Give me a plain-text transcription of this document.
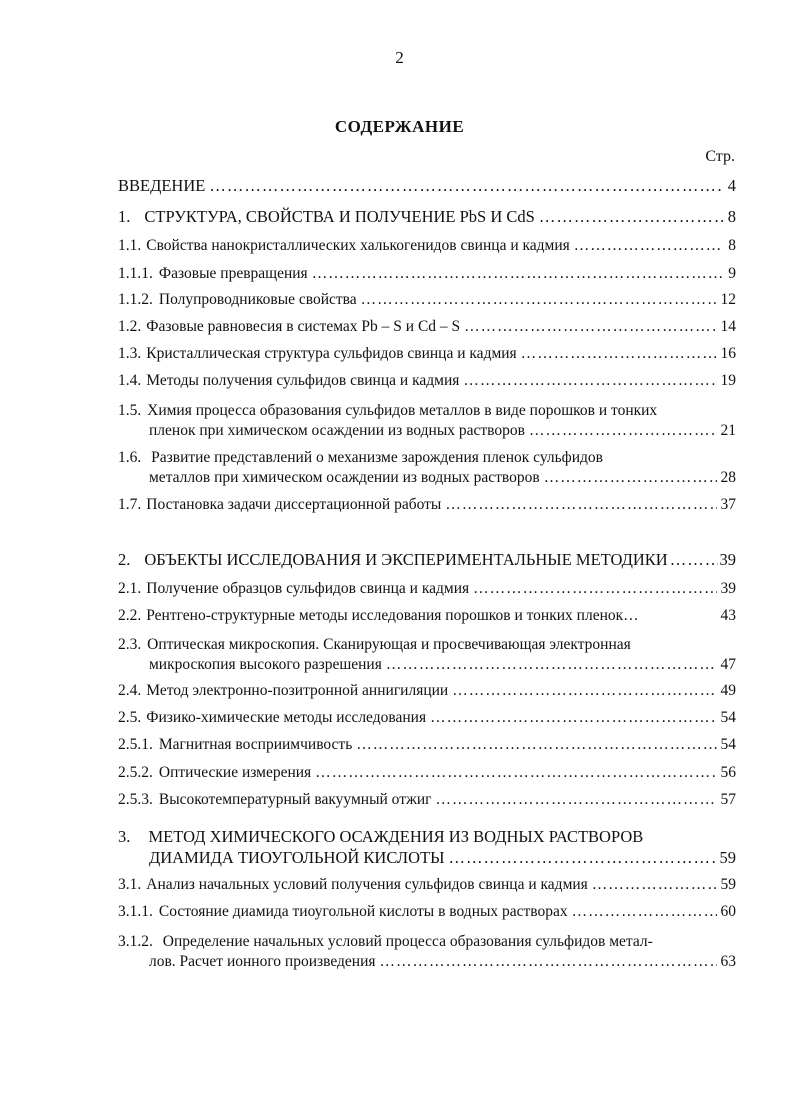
2
СОДЕРЖАНИЕ
Стр.
ВВЕДЕНИЕ ……………………………………………………………………………………………………………………………………………………………………………………	4
1. СТРУКТУРА, СВОЙСТВА И ПОЛУЧЕНИЕ PbS И CdS ……………………………………………………………………………………………………………………………………………………………………………………	8
1.1. Свойства нанокристаллических халькогенидов свинца и кадмия ……………………………………………………………………………………………………………………………………………………………………………………	8
1.1.1. Фазовые превращения ……………………………………………………………………………………………………………………………………………………………………………………	9
1.1.2. Полупроводниковые свойства ……………………………………………………………………………………………………………………………………………………………………………………	12
1.2. Фазовые равновесия в системах Pb – S и Cd – S ……………………………………………………………………………………………………………………………………………………………………………………	14
1.3. Кристаллическая структура сульфидов свинца и кадмия ……………………………………………………………………………………………………………………………………………………………………………………	16
1.4. Методы получения сульфидов свинца и кадмия ……………………………………………………………………………………………………………………………………………………………………………………	19
1.5. Химия процесса образования сульфидов металлов в виде порошков и тонких
пленок при химическом осаждении из водных растворов ……………………………………………………………………………………………………………………………………………………………………………………	21
1.6. Развитие представлений о механизме зарождения пленок сульфидов
металлов при химическом осаждении из водных растворов ……………………………………………………………………………………………………………………………………………………………………………………	28
1.7. Постановка задачи диссертационной работы ……………………………………………………………………………………………………………………………………………………………………………………	37
2. ОБЪЕКТЫ ИССЛЕДОВАНИЯ И ЭКСПЕРИМЕНТАЛЬНЫЕ МЕТОДИКИ ……………………………………………………………………………………………………………………………………………………………………………………	39
2.1. Получение образцов сульфидов свинца и кадмия ……………………………………………………………………………………………………………………………………………………………………………………	39
2.2. Рентгено-структурные методы исследования порошков и тонких пленок…	43
2.3. Оптическая микроскопия. Сканирующая и просвечивающая электронная
микроскопия высокого разрешения ……………………………………………………………………………………………………………………………………………………………………………………	47
2.4. Метод электронно-позитронной аннигиляции ……………………………………………………………………………………………………………………………………………………………………………………	49
2.5. Физико-химические методы исследования ……………………………………………………………………………………………………………………………………………………………………………………	54
2.5.1. Магнитная восприимчивость ……………………………………………………………………………………………………………………………………………………………………………………	54
2.5.2. Оптические измерения ……………………………………………………………………………………………………………………………………………………………………………………	56
2.5.3. Высокотемпературный вакуумный отжиг ……………………………………………………………………………………………………………………………………………………………………………………	57
3. МЕТОД ХИМИЧЕСКОГО ОСАЖДЕНИЯ ИЗ ВОДНЫХ РАСТВОРОВ
ДИАМИДА ТИОУГОЛЬНОЙ КИСЛОТЫ ……………………………………………………………………………………………………………………………………………………………………………………	59
3.1. Анализ начальных условий получения сульфидов свинца и кадмия ……………………………………………………………………………………………………………………………………………………………………………………	59
3.1.1. Состояние диамида тиоугольной кислоты в водных растворах ……………………………………………………………………………………………………………………………………………………………………………………	60
3.1.2. Определение начальных условий процесса образования сульфидов метал-
лов. Расчет ионного произведения ……………………………………………………………………………………………………………………………………………………………………………………	63
